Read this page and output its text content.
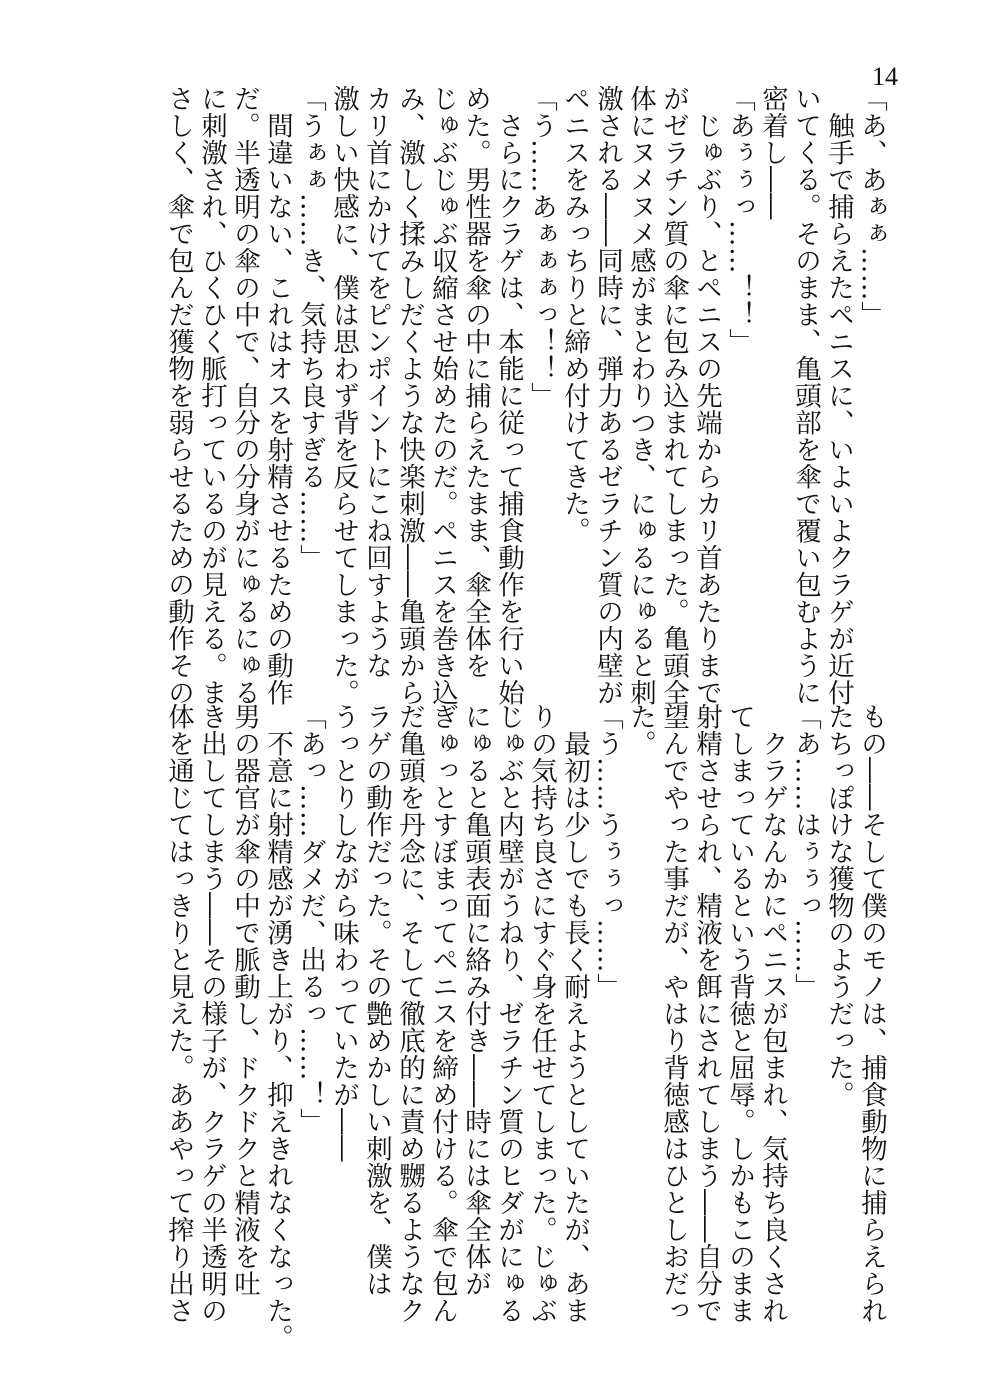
14
「あ、あぁぁ……」
　触手で捕らえたペニスに、いよいよクラゲが近付
いてくる。そのまま、亀頭部を傘で覆い包むように
密着し――
「あぅぅっ……！！」
　じゅぶり、とペニスの先端からカリ首あたりまで
がゼラチン質の傘に包み込まれてしまった。亀頭全
体にヌメヌメ感がまとわりつき、にゅるにゅると刺
激される――同時に、弾力あるゼラチン質の内壁が
ペニスをみっちりと締め付けてきた。
「う……あぁぁぁっ！！」
　さらにクラゲは、本能に従って捕食動作を行い始
めた。男性器を傘の中に捕らえたまま、傘全体を
じゅぶじゅぶ収縮させ始めたのだ。ペニスを巻き込
み、激しく揉みしだくような快楽刺激――亀頭から
カリ首にかけてをピンポイントにこね回すような
激しい快感に、僕は思わず背を反らせてしまった。
「うぁぁ……き、気持ち良すぎる……」
　間違いない、これはオスを射精させるための動作
だ。半透明の傘の中で、自分の分身がにゅるにゅる
に刺激され、ひくひく脈打っているのが見える。ま
さしく、傘で包んだ獲物を弱らせるための動作その
もの――そして僕のモノは、捕食動物に捕らえられ
たちっぽけな獲物のようだった。
「あ……はぅぅっ……」
　クラゲなんかにペニスが包まれ、気持ち良くされ
てしまっているという背徳と屈辱。しかもこのまま
射精させられ、精液を餌にされてしまう――自分で
望んでやった事だが、やはり背徳感はひとしおだっ
た。
「う……うぅぅっ……」
　最初は少しでも長く耐えようとしていたが、あま
りの気持ち良さにすぐ身を任せてしまった。じゅぶ
じゅぶと内壁がうねり、ゼラチン質のヒダがにゅる
にゅると亀頭表面に絡み付き――時には傘全体が
ぎゅっとすぼまってペニスを締め付ける。傘で包ん
だ亀頭を丹念に、そして徹底的に責め嬲るようなク
ラゲの動作だった。その艶めかしい刺激を、僕は
うっとりしながら味わっていたが――
「あっ……ダメだ、出るっ……！」
　不意に射精感が湧き上がり、抑えきれなくなった。
男の器官が傘の中で脈動し、ドクドクと精液を吐
き出してしまう――その様子が、クラゲの半透明の
体を通じてはっきりと見えた。ああやって搾り出さ
